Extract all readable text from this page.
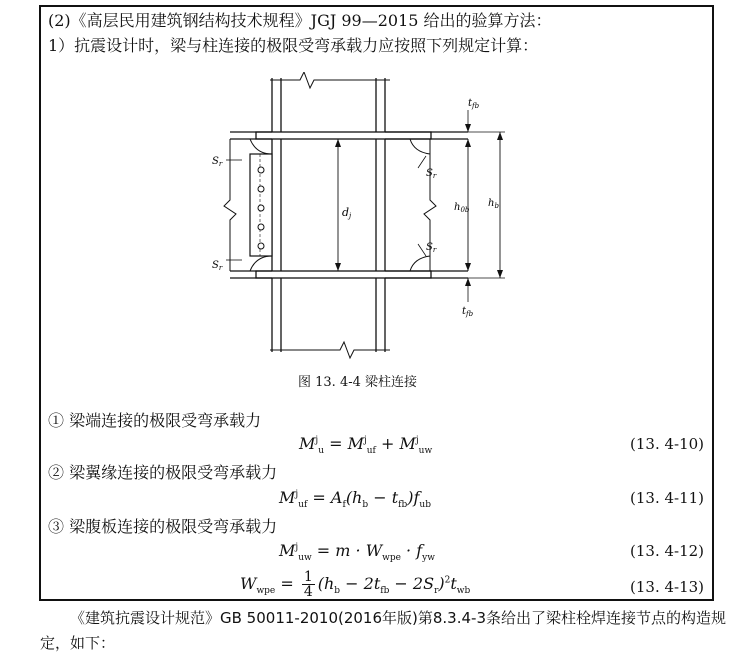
(2)《高层民用建筑钢结构技术规程》JGJ 99—2015 给出的验算方法：
1）抗震设计时，梁与柱连接的极限受弯承载力应按照下列规定计算：
$t_{fb}$
$t_{fb}$
$S_r$
$S_r$
$S_r$
$S_r$
dj
$h_{0b}$
$h_b$
图 13. 4-4 梁柱连接
① 梁端连接的极限受弯承载力
$M^j_u = M^j_{uf} + M^j_{uw}$	(13. 4-10)
② 梁翼缘连接的极限受弯承载力
$M^j_{uf} = A_f(h_b - t_{fb})f_{ub}$	(13. 4-11)
③ 梁腹板连接的极限受弯承载力
$M^j_{uw} = m \cdot W_{wpe} \cdot f_{yw}$	(13. 4-12)
$W_{wpe} = \frac{1}{4} (h_b - 2t_{fb} - 2S_r)^2t_{wb}$	(13. 4-13)
《建筑抗震设计规范》GB 50011-2010(2016年版)第8.3.4-3条给出了梁柱栓焊连接节点的构造规定，如下：
